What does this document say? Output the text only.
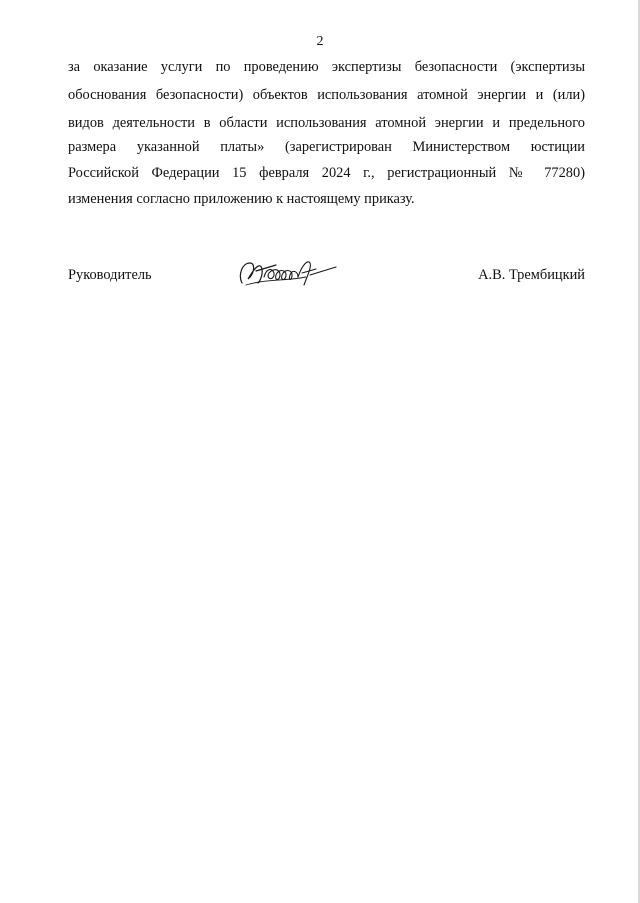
2
за оказание услуги по проведению экспертизы безопасности (экспертизы
обоснования безопасности) объектов использования атомной энергии и (или)
видов деятельности в области использования атомной энергии и предельного
размера указанной платы» (зарегистрирован Министерством юстиции
Российской Федерации 15 февраля 2024 г., регистрационный № 77280)
изменения согласно приложению к настоящему приказу.
Руководитель	А.В. Трембицкий
